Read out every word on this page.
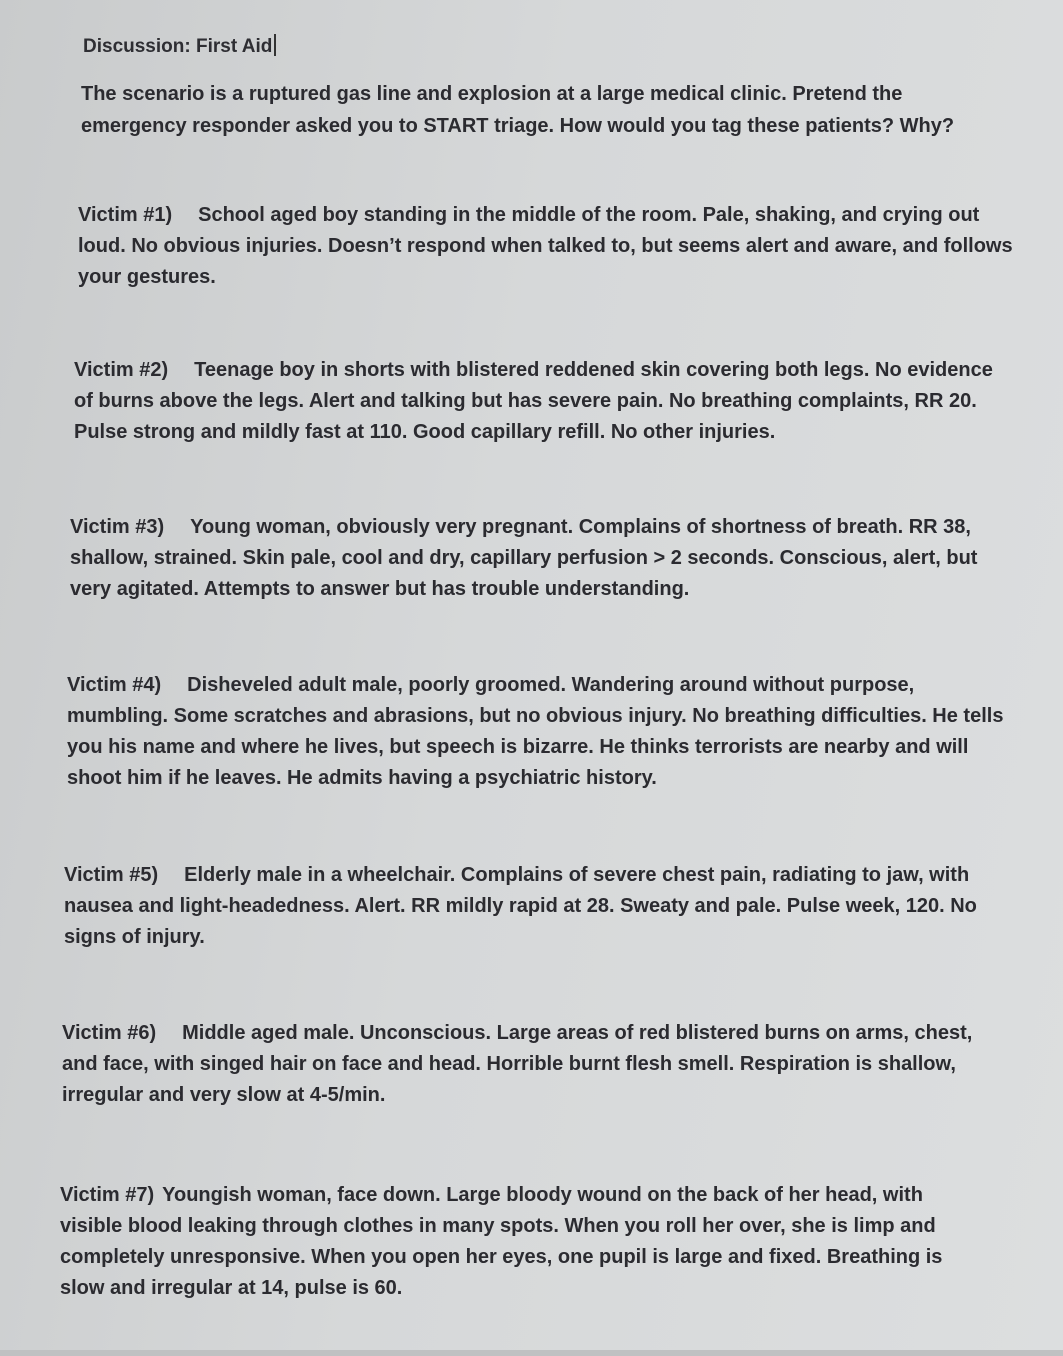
Discussion: First Aid
The scenario is a ruptured gas line and explosion at a large medical clinic. Pretend the emergency responder asked you to START triage. How would you tag these patients? Why?
Victim #1) School aged boy standing in the middle of the room. Pale, shaking, and crying out loud. No obvious injuries. Doesn’t respond when talked to, but seems alert and aware, and follows your gestures.
Victim #2) Teenage boy in shorts with blistered reddened skin covering both legs. No evidence of burns above the legs. Alert and talking but has severe pain. No breathing complaints, RR 20. Pulse strong and mildly fast at 110. Good capillary refill. No other injuries.
Victim #3) Young woman, obviously very pregnant. Complains of shortness of breath. RR 38, shallow, strained. Skin pale, cool and dry, capillary perfusion > 2 seconds. Conscious, alert, but very agitated. Attempts to answer but has trouble understanding.
Victim #4) Disheveled adult male, poorly groomed. Wandering around without purpose, mumbling. Some scratches and abrasions, but no obvious injury. No breathing difficulties. He tells you his name and where he lives, but speech is bizarre. He thinks terrorists are nearby and will shoot him if he leaves. He admits having a psychiatric history.
Victim #5) Elderly male in a wheelchair. Complains of severe chest pain, radiating to jaw, with nausea and light-headedness. Alert. RR mildly rapid at 28. Sweaty and pale. Pulse week, 120. No signs of injury.
Victim #6) Middle aged male. Unconscious. Large areas of red blistered burns on arms, chest, and face, with singed hair on face and head. Horrible burnt flesh smell. Respiration is shallow, irregular and very slow at 4-5/min.
Victim #7) Youngish woman, face down. Large bloody wound on the back of her head, with visible blood leaking through clothes in many spots. When you roll her over, she is limp and completely unresponsive. When you open her eyes, one pupil is large and fixed. Breathing is slow and irregular at 14, pulse is 60.
